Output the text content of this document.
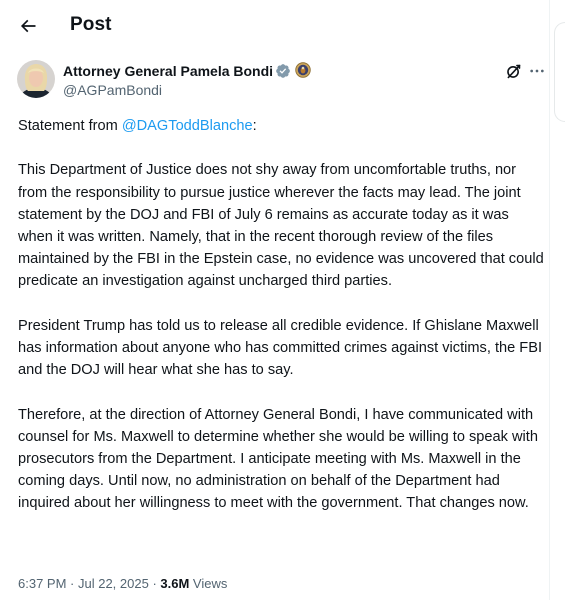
Post
Attorney General Pamela Bondi
@AGPamBondi

Statement from @DAGToddBlanche:

This Department of Justice does not shy away from uncomfortable truths, nor from the responsibility to pursue justice wherever the facts may lead. The joint statement by the DOJ and FBI of July 6 remains as accurate today as it was when it was written. Namely, that in the recent thorough review of the files maintained by the FBI in the Epstein case, no evidence was uncovered that could predicate an investigation against uncharged third parties.

President Trump has told us to release all credible evidence. If Ghislane Maxwell has information about anyone who has committed crimes against victims, the FBI and the DOJ will hear what she has to say.

Therefore, at the direction of Attorney General Bondi, I have communicated with counsel for Ms. Maxwell to determine whether she would be willing to speak with prosecutors from the Department. I anticipate meeting with Ms. Maxwell in the coming days. Until now, no administration on behalf of the Department had inquired about her willingness to meet with the government. That changes now.

6:37 PM · Jul 22, 2025 · 3.6M Views
